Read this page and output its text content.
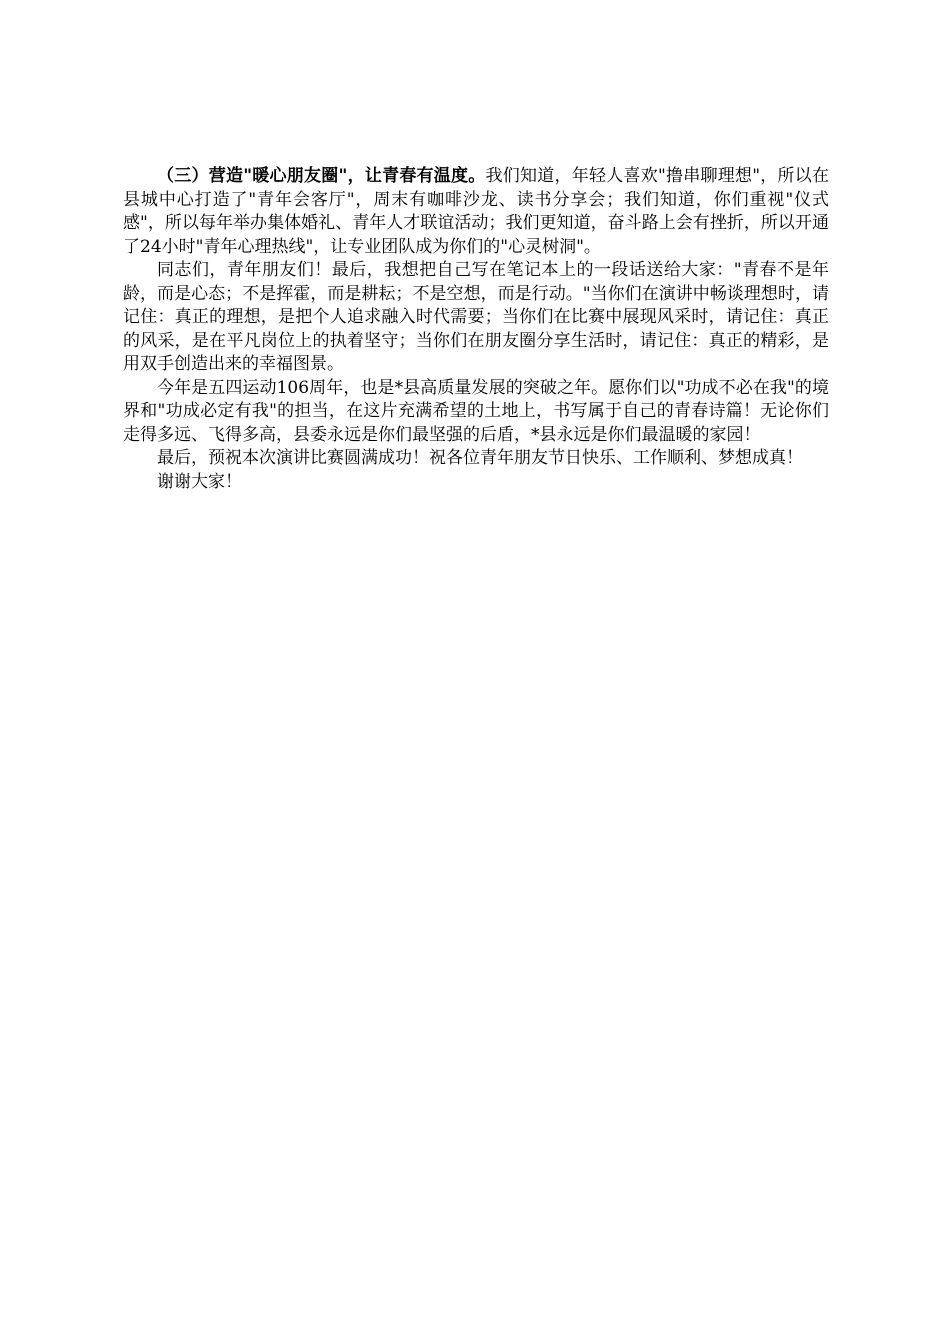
（三）营造"暖心朋友圈"，让青春有温度。我们知道，年轻人喜欢"撸串聊理想"，所以在县城中心打造了"青年会客厅"，周末有咖啡沙龙、读书分享会；我们知道，你们重视"仪式感"，所以每年举办集体婚礼、青年人才联谊活动；我们更知道，奋斗路上会有挫折，所以开通了24小时"青年心理热线"，让专业团队成为你们的"心灵树洞"。

同志们，青年朋友们！最后，我想把自己写在笔记本上的一段话送给大家："青春不是年龄，而是心态；不是挥霍，而是耕耘；不是空想，而是行动。"当你们在演讲中畅谈理想时，请记住：真正的理想，是把个人追求融入时代需要；当你们在比赛中展现风采时，请记住：真正的风采，是在平凡岗位上的执着坚守；当你们在朋友圈分享生活时，请记住：真正的精彩，是用双手创造出来的幸福图景。

今年是五四运动106周年，也是*县高质量发展的突破之年。愿你们以"功成不必在我"的境界和"功成必定有我"的担当，在这片充满希望的土地上，书写属于自己的青春诗篇！无论你们走得多远、飞得多高，县委永远是你们最坚强的后盾，*县永远是你们最温暖的家园！

最后，预祝本次演讲比赛圆满成功！祝各位青年朋友节日快乐、工作顺利、梦想成真！

谢谢大家！
